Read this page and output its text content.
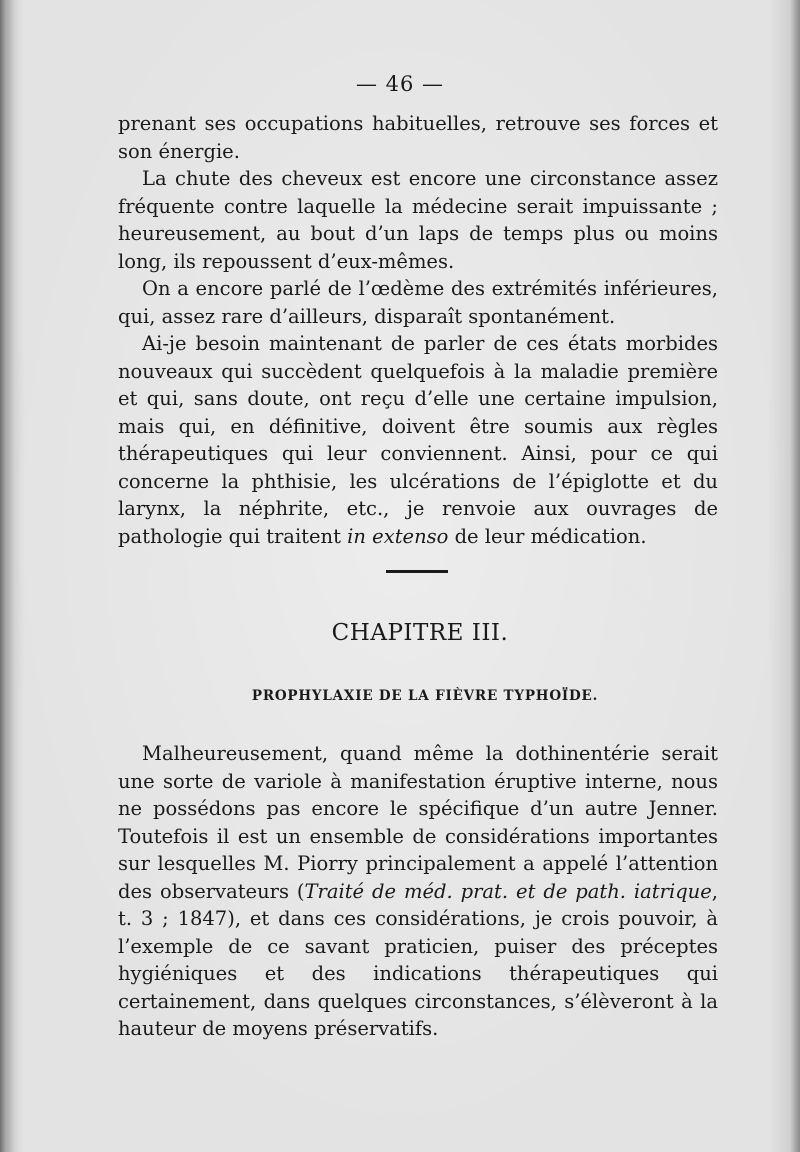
— 46 —

prenant ses occupations habituelles, retrouve ses forces et son énergie.

La chute des cheveux est encore une circonstance assez fréquente contre laquelle la médecine serait impuissante ; heureusement, au bout d’un laps de temps plus ou moins long, ils repoussent d’eux-mêmes.

On a encore parlé de l’œdème des extrémités inférieures, qui, assez rare d’ailleurs, disparaît spontanément.

Ai-je besoin maintenant de parler de ces états morbides nouveaux qui succèdent quelquefois à la maladie première et qui, sans doute, ont reçu d’elle une certaine impulsion, mais qui, en définitive, doivent être soumis aux règles thérapeutiques qui leur conviennent. Ainsi, pour ce qui concerne la phthisie, les ulcérations de l’épiglotte et du larynx, la néphrite, etc., je renvoie aux ouvrages de pathologie qui traitent in extenso de leur médication.

CHAPITRE III.
PROPHYLAXIE DE LA FIÈVRE TYPHOÏDE.

Malheureusement, quand même la dothinentérie serait une sorte de variole à manifestation éruptive interne, nous ne possédons pas encore le spécifique d’un autre Jenner. Toutefois il est un ensemble de considérations importantes sur lesquelles M. Piorry principalement a appelé l’attention des observateurs (Traité de méd. prat. et de path. iatrique, t. 3 ; 1847), et dans ces considérations, je crois pouvoir, à l’exemple de ce savant praticien, puiser des préceptes hygiéniques et des indications thérapeutiques qui certainement, dans quelques circonstances, s’élèveront à la hauteur de moyens préservatifs.
